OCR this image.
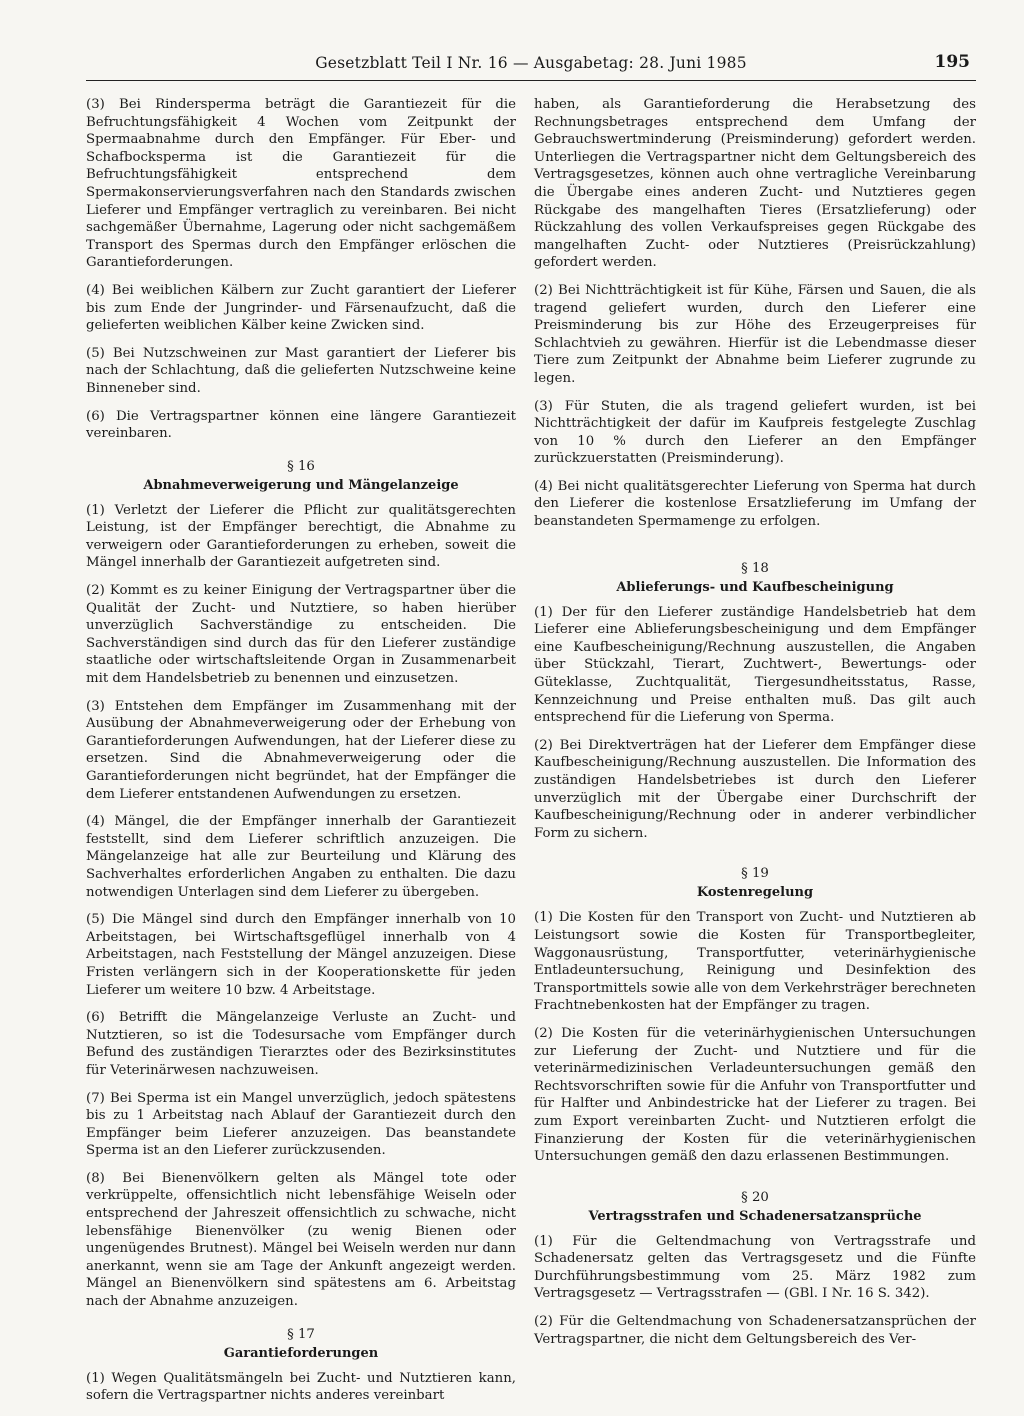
Gesetzblatt Teil I Nr. 16 — Ausgabetag: 28. Juni 1985	195

(3) Bei Rindersperma beträgt die Garantiezeit für die Befruchtungsfähigkeit 4 Wochen vom Zeitpunkt der Spermaabnahme durch den Empfänger. Für Eber- und Schafbocksperma ist die Garantiezeit für die Befruchtungsfähigkeit entsprechend dem Spermakonservierungsverfahren nach den Standards zwischen Lieferer und Empfänger vertraglich zu vereinbaren. Bei nicht sachgemäßer Übernahme, Lagerung oder nicht sachgemäßem Transport des Spermas durch den Empfänger erlöschen die Garantieforderungen.

(4) Bei weiblichen Kälbern zur Zucht garantiert der Lieferer bis zum Ende der Jungrinder- und Färsenaufzucht, daß die gelieferten weiblichen Kälber keine Zwicken sind.

(5) Bei Nutzschweinen zur Mast garantiert der Lieferer bis nach der Schlachtung, daß die gelieferten Nutzschweine keine Binneneber sind.

(6) Die Vertragspartner können eine längere Garantiezeit vereinbaren.

§ 16
Abnahmeverweigerung und Mängelanzeige

(1) Verletzt der Lieferer die Pflicht zur qualitätsgerechten Leistung, ist der Empfänger berechtigt, die Abnahme zu verweigern oder Garantieforderungen zu erheben, soweit die Mängel innerhalb der Garantiezeit aufgetreten sind.

(2) Kommt es zu keiner Einigung der Vertragspartner über die Qualität der Zucht- und Nutztiere, so haben hierüber unverzüglich Sachverständige zu entscheiden. Die Sachverständigen sind durch das für den Lieferer zuständige staatliche oder wirtschaftsleitende Organ in Zusammenarbeit mit dem Handelsbetrieb zu benennen und einzusetzen.

(3) Entstehen dem Empfänger im Zusammenhang mit der Ausübung der Abnahmeverweigerung oder der Erhebung von Garantieforderungen Aufwendungen, hat der Lieferer diese zu ersetzen. Sind die Abnahmeverweigerung oder die Garantieforderungen nicht begründet, hat der Empfänger die dem Lieferer entstandenen Aufwendungen zu ersetzen.

(4) Mängel, die der Empfänger innerhalb der Garantiezeit feststellt, sind dem Lieferer schriftlich anzuzeigen. Die Mängelanzeige hat alle zur Beurteilung und Klärung des Sachverhaltes erforderlichen Angaben zu enthalten. Die dazu notwendigen Unterlagen sind dem Lieferer zu übergeben.

(5) Die Mängel sind durch den Empfänger innerhalb von 10 Arbeitstagen, bei Wirtschaftsgeflügel innerhalb von 4 Arbeitstagen, nach Feststellung der Mängel anzuzeigen. Diese Fristen verlängern sich in der Kooperationskette für jeden Lieferer um weitere 10 bzw. 4 Arbeitstage.

(6) Betrifft die Mängelanzeige Verluste an Zucht- und Nutztieren, so ist die Todesursache vom Empfänger durch Befund des zuständigen Tierarztes oder des Bezirksinstitutes für Veterinärwesen nachzuweisen.

(7) Bei Sperma ist ein Mangel unverzüglich, jedoch spätestens bis zu 1 Arbeitstag nach Ablauf der Garantiezeit durch den Empfänger beim Lieferer anzuzeigen. Das beanstandete Sperma ist an den Lieferer zurückzusenden.

(8) Bei Bienenvölkern gelten als Mängel tote oder verkrüppelte, offensichtlich nicht lebensfähige Weiseln oder entsprechend der Jahreszeit offensichtlich zu schwache, nicht lebensfähige Bienenvölker (zu wenig Bienen oder ungenügendes Brutnest). Mängel bei Weiseln werden nur dann anerkannt, wenn sie am Tage der Ankunft angezeigt werden. Mängel an Bienenvölkern sind spätestens am 6. Arbeitstag nach der Abnahme anzuzeigen.

§ 17
Garantieforderungen

(1) Wegen Qualitätsmängeln bei Zucht- und Nutztieren kann, sofern die Vertragspartner nichts anderes vereinbart

haben, als Garantieforderung die Herabsetzung des Rechnungsbetrages entsprechend dem Umfang der Gebrauchswertminderung (Preisminderung) gefordert werden. Unterliegen die Vertragspartner nicht dem Geltungsbereich des Vertragsgesetzes, können auch ohne vertragliche Vereinbarung die Übergabe eines anderen Zucht- und Nutztieres gegen Rückgabe des mangelhaften Tieres (Ersatzlieferung) oder Rückzahlung des vollen Verkaufspreises gegen Rückgabe des mangelhaften Zucht- oder Nutztieres (Preisrückzahlung) gefordert werden.

(2) Bei Nichtträchtigkeit ist für Kühe, Färsen und Sauen, die als tragend geliefert wurden, durch den Lieferer eine Preisminderung bis zur Höhe des Erzeugerpreises für Schlachtvieh zu gewähren. Hierfür ist die Lebendmasse dieser Tiere zum Zeitpunkt der Abnahme beim Lieferer zugrunde zu legen.

(3) Für Stuten, die als tragend geliefert wurden, ist bei Nichtträchtigkeit der dafür im Kaufpreis festgelegte Zuschlag von 10 % durch den Lieferer an den Empfänger zurückzuerstatten (Preisminderung).

(4) Bei nicht qualitätsgerechter Lieferung von Sperma hat durch den Lieferer die kostenlose Ersatzlieferung im Umfang der beanstandeten Spermamenge zu erfolgen.

§ 18
Ablieferungs- und Kaufbescheinigung

(1) Der für den Lieferer zuständige Handelsbetrieb hat dem Lieferer eine Ablieferungsbescheinigung und dem Empfänger eine Kaufbescheinigung/Rechnung auszustellen, die Angaben über Stückzahl, Tierart, Zuchtwert-, Bewertungs- oder Güteklasse, Zuchtqualität, Tiergesundheitsstatus, Rasse, Kennzeichnung und Preise enthalten muß. Das gilt auch entsprechend für die Lieferung von Sperma.

(2) Bei Direktverträgen hat der Lieferer dem Empfänger diese Kaufbescheinigung/Rechnung auszustellen. Die Information des zuständigen Handelsbetriebes ist durch den Lieferer unverzüglich mit der Übergabe einer Durchschrift der Kaufbescheinigung/Rechnung oder in anderer verbindlicher Form zu sichern.

§ 19
Kostenregelung

(1) Die Kosten für den Transport von Zucht- und Nutztieren ab Leistungsort sowie die Kosten für Transportbegleiter, Waggonausrüstung, Transportfutter, veterinärhygienische Entladeuntersuchung, Reinigung und Desinfektion des Transportmittels sowie alle von dem Verkehrsträger berechneten Frachtnebenkosten hat der Empfänger zu tragen.

(2) Die Kosten für die veterinärhygienischen Untersuchungen zur Lieferung der Zucht- und Nutztiere und für die veterinärmedizinischen Verladeuntersuchungen gemäß den Rechtsvorschriften sowie für die Anfuhr von Transportfutter und für Halfter und Anbindestricke hat der Lieferer zu tragen. Bei zum Export vereinbarten Zucht- und Nutztieren erfolgt die Finanzierung der Kosten für die veterinärhygienischen Untersuchungen gemäß den dazu erlassenen Bestimmungen.

§ 20
Vertragsstrafen und Schadenersatzansprüche

(1) Für die Geltendmachung von Vertragsstrafe und Schadenersatz gelten das Vertragsgesetz und die Fünfte Durchführungsbestimmung vom 25. März 1982 zum Vertragsgesetz — Vertragsstrafen — (GBl. I Nr. 16 S. 342).

(2) Für die Geltendmachung von Schadenersatzansprüchen der Vertragspartner, die nicht dem Geltungsbereich des Ver-
